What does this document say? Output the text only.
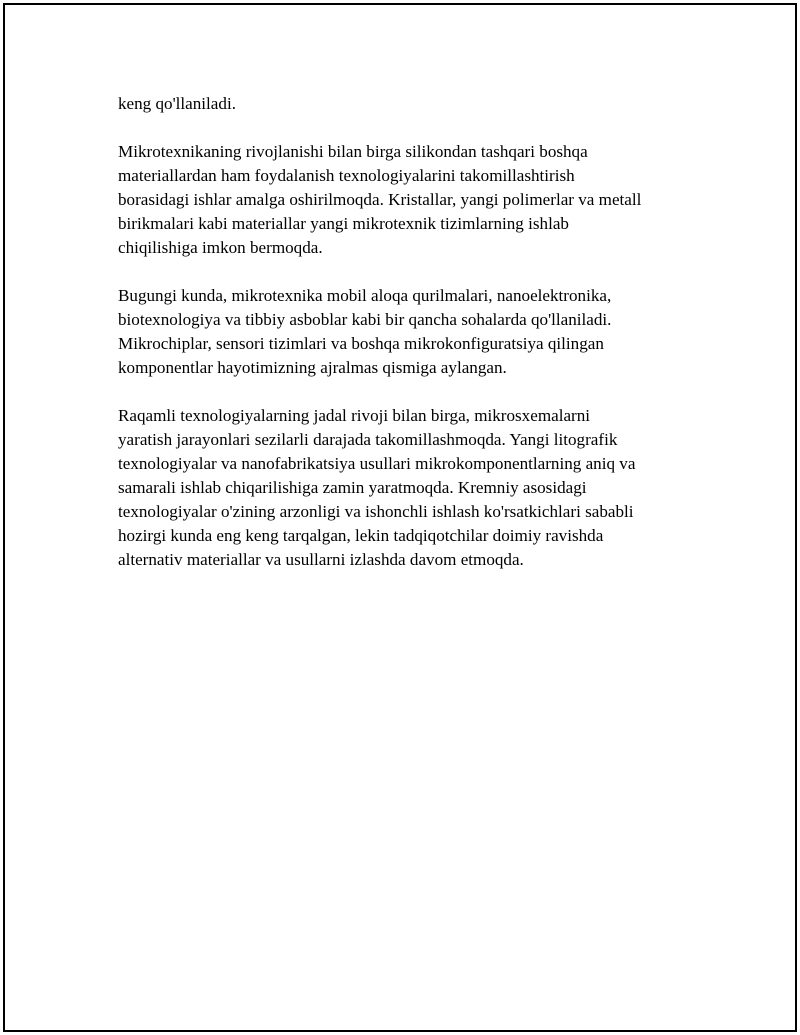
keng qo'llaniladi.

Mikrotexnikaning rivojlanishi bilan birga silikondan tashqari boshqa
materiallardan ham foydalanish texnologiyalarini takomillashtirish
borasidagi ishlar amalga oshirilmoqda. Kristallar, yangi polimerlar va metall
birikmalari kabi materiallar yangi mikrotexnik tizimlarning ishlab
chiqilishiga imkon bermoqda.

Bugungi kunda, mikrotexnika mobil aloqa qurilmalari, nanoelektronika,
biotexnologiya va tibbiy asboblar kabi bir qancha sohalarda qo'llaniladi.
Mikrochiplar, sensori tizimlari va boshqa mikrokonfiguratsiya qilingan
komponentlar hayotimizning ajralmas qismiga aylangan.

Raqamli texnologiyalarning jadal rivoji bilan birga, mikrosxemalarni
yaratish jarayonlari sezilarli darajada takomillashmoqda. Yangi litografik
texnologiyalar va nanofabrikatsiya usullari mikrokomponentlarning aniq va
samarali ishlab chiqarilishiga zamin yaratmoqda. Kremniy asosidagi
texnologiyalar o'zining arzonligi va ishonchli ishlash ko'rsatkichlari sababli
hozirgi kunda eng keng tarqalgan, lekin tadqiqotchilar doimiy ravishda
alternativ materiallar va usullarni izlashda davom etmoqda.
